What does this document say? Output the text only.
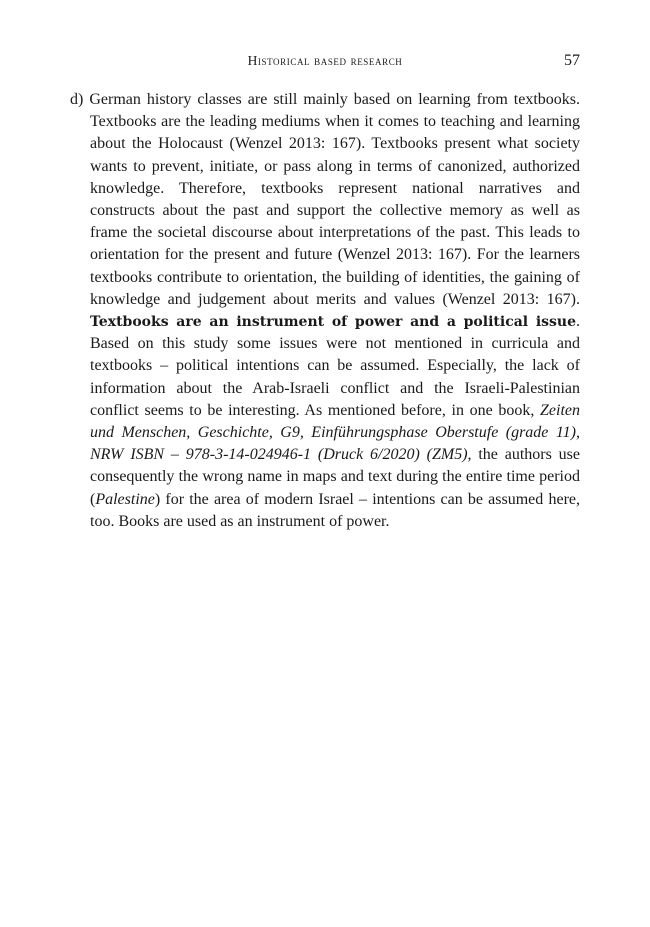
Historical based research	57

d) German history classes are still mainly based on learning from textbooks. Textbooks are the leading mediums when it comes to teaching and learning about the Holocaust (Wenzel 2013: 167). Textbooks present what society wants to prevent, initiate, or pass along in terms of canonized, authorized knowledge. Therefore, textbooks represent national narratives and constructs about the past and support the collective memory as well as frame the societal discourse about interpretations of the past. This leads to orientation for the present and future (Wenzel 2013: 167). For the learners textbooks contribute to orientation, the building of identities, the gaining of knowledge and judgement about merits and values (Wenzel 2013: 167). Textbooks are an instrument of power and a political issue. Based on this study some issues were not mentioned in curricula and textbooks – political intentions can be assumed. Especially, the lack of information about the Arab-Israeli conflict and the Israeli-Palestinian conflict seems to be interesting. As mentioned before, in one book, Zeiten und Menschen, Geschichte, G9, Einführungsphase Oberstufe (grade 11), NRW ISBN – 978-3-14-024946-1 (Druck 6/2020) (ZM5), the authors use consequently the wrong name in maps and text during the entire time period (Palestine) for the area of modern Israel – intentions can be assumed here, too. Books are used as an instrument of power.
